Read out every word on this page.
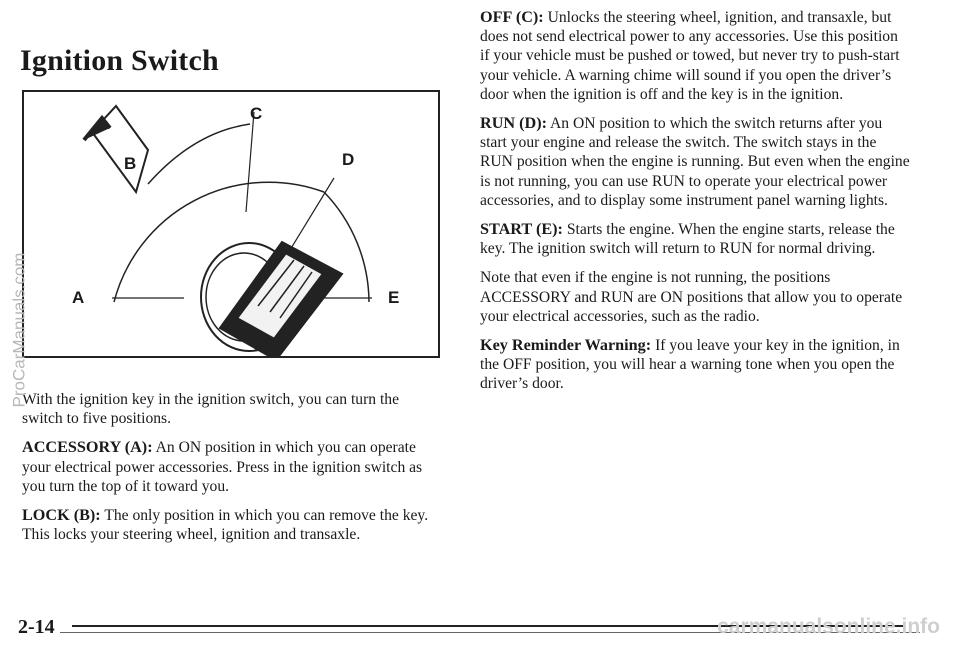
Ignition Switch
C
B	D
A	E

With the ignition key in the ignition switch, you can turn the switch to five positions.

ACCESSORY (A): An ON position in which you can operate your electrical power accessories. Press in the ignition switch as you turn the top of it toward you.

LOCK (B): The only position in which you can remove the key. This locks your steering wheel, ignition and transaxle.

OFF (C): Unlocks the steering wheel, ignition, and transaxle, but does not send electrical power to any accessories. Use this position if your vehicle must be pushed or towed, but never try to push-start your vehicle. A warning chime will sound if you open the driver’s door when the ignition is off and the key is in the ignition.

RUN (D): An ON position to which the switch returns after you start your engine and release the switch. The switch stays in the RUN position when the engine is running. But even when the engine is not running, you can use RUN to operate your electrical power accessories, and to display some instrument panel warning lights.

START (E): Starts the engine. When the engine starts, release the key. The ignition switch will return to RUN for normal driving.

Note that even if the engine is not running, the positions ACCESSORY and RUN are ON positions that allow you to operate your electrical accessories, such as the radio.

Key Reminder Warning: If you leave your key in the ignition, in the OFF position, you will hear a warning tone when you open the driver’s door.

2-14
ProCarManuals.com
carmanualsonline.info
